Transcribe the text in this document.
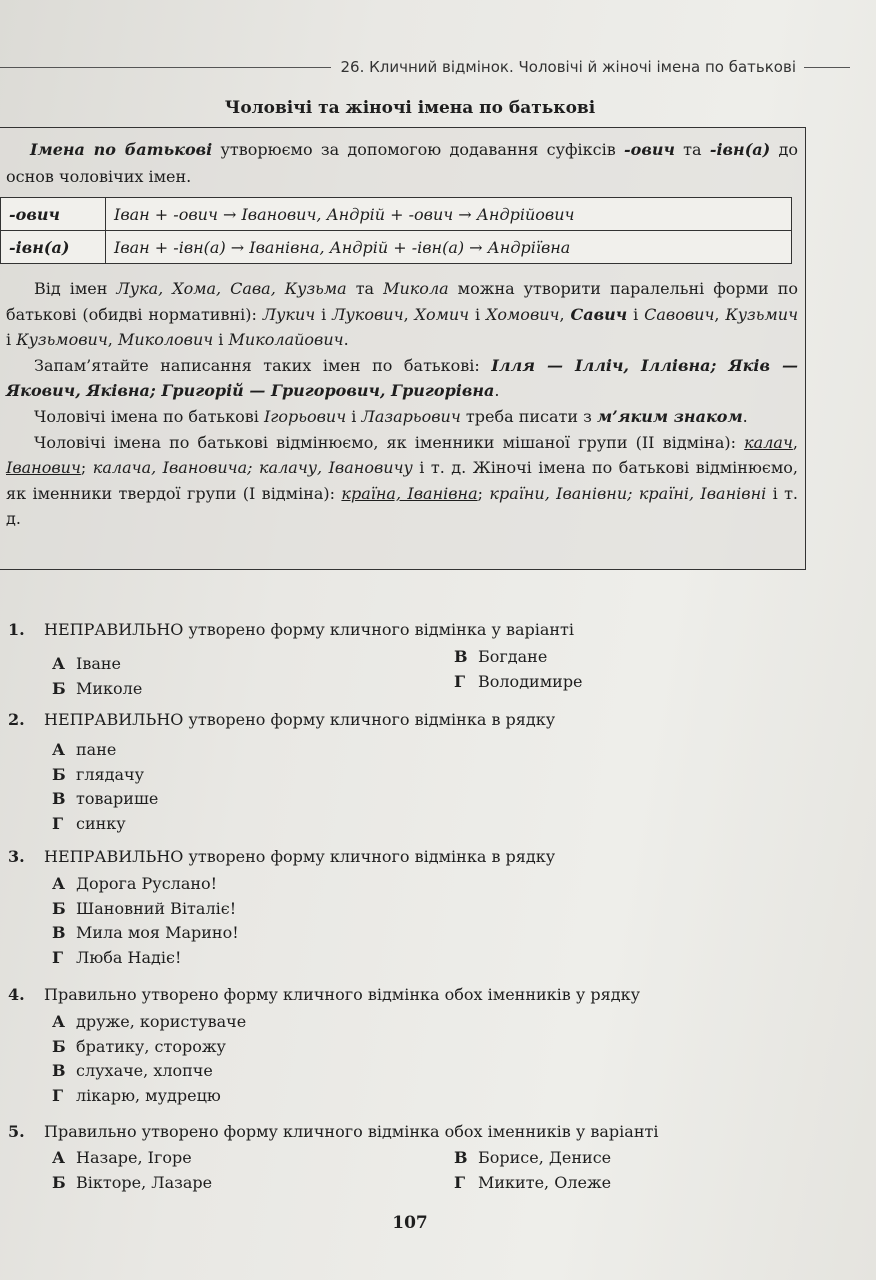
26. Кличний відмінок. Чоловічі й жіночі імена по батькові
Чоловічі та жіночі імена по батькові
Імена по батькові утворюємо за допомогою додавання суфіксів -ович та -івн(а) до основ чоловічих імен.
-ович	Іван + -ович → Іванович, Андрій + -ович → Андрійович
-івн(а)	Іван + -івн(а) → Іванівна, Андрій + -івн(а) → Андріївна

Від імен Лука, Хома, Сава, Кузьма та Микола можна утворити паралельні форми по батькові (обидві нормативні): Лукич і Лукович, Хомич і Хомович, Савич і Савович, Кузьмич і Кузьмович, Миколович і Миколайович.

Запам’ятайте написання таких імен по батькові: Ілля — Ілліч, Іллівна; Яків — Якович, Яківна; Григорій — Григорович, Григорівна.

Чоловічі імена по батькові Ігорьович і Лазарьович треба писати з м’яким знаком.

Чоловічі імена по батькові відмінюємо, як іменники мішаної групи (II відміна): калач, Іванович; калача, Івановича; калачу, Івановичу і т. д. Жіночі імена по батькові відмінюємо, як іменники твердої групи (I відміна): країна, Іванівна; країни, Іванівни; країні, Іванівні і т. д.

1.	НЕПРАВИЛЬНО утворено форму кличного відмінка у варіанті
А Іване
Б Миколе
В Богдане
Г Володимире
2.	НЕПРАВИЛЬНО утворено форму кличного відмінка в рядку
А пане
Б глядачу
В товарише
Г синку
3.	НЕПРАВИЛЬНО утворено форму кличного відмінка в рядку
А Дорога Руслано!
Б Шановний Віталіє!
В Мила моя Марино!
Г Люба Надіє!
4.	Правильно утворено форму кличного відмінка обох іменників у рядку
А друже, користуваче
Б братику, сторожу
В слухаче, хлопче
Г лікарю, мудрецю
5.	Правильно утворено форму кличного відмінка обох іменників у варіанті
А Назаре, Ігоре
Б Вікторе, Лазаре
В Борисе, Денисе
Г Миките, Олеже
107
